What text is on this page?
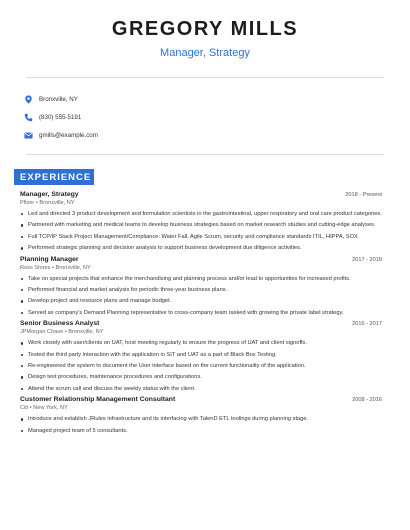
GREGORY MILLS
Manager, Strategy
Bronxville, NY
(830) 555-5191
gmills@example.com
EXPERIENCE
Manager, Strategy	2018 - Present
Pfizer • Bronxville, NY
Led and directed 3 product development and formulation scientists in the gastrointestinal, upper respiratory and oral care product categories.
Partnered with marketing and medical teams to develop business strategies based on market research studies and cutting-edge analyses.
Full TCP/IP Stack Project Management/Compliance: Water Fall, Agile Scrum, security and compliance standards ITIL, HIPPA, SOX.
Performed strategic planning and decision analysis to support business development due diligence activities.
Planning Manager	2017 - 2018
Ross Stores • Bronxville, NY
Take on special projects that enhance the merchandising and planning process and/or lead to opportunities for increased profits.
Performed financial and market analysis for periodic three-year business plans.
Develop project and resource plans and manage budget.
Served as company's Demand Planning representative to cross-company team tasked with growing the private label strategy.
Senior Business Analyst	2016 - 2017
JPMorgan Chase • Bronxville, NY
Work closely with user/clients on UAT, host meeting regularly to ensure the progress of UAT and client signoffs.
Tested the third party interaction with the application in SIT and UAT as a part of Black Box Testing.
Re-engineered the system to document the User interface based on the current functionality of the application.
Design test procedures, maintenance procedures and configurations.
Attend the scrum call and discuss the weekly status with the client.
Customer Relationship Management Consultant	2008 - 2016
Citi • New York, NY
Introduce and establish JRules infrastructure and its interfacing with TalenD ETL toolings during planning stage.
Managed project team of 5 consultants.
